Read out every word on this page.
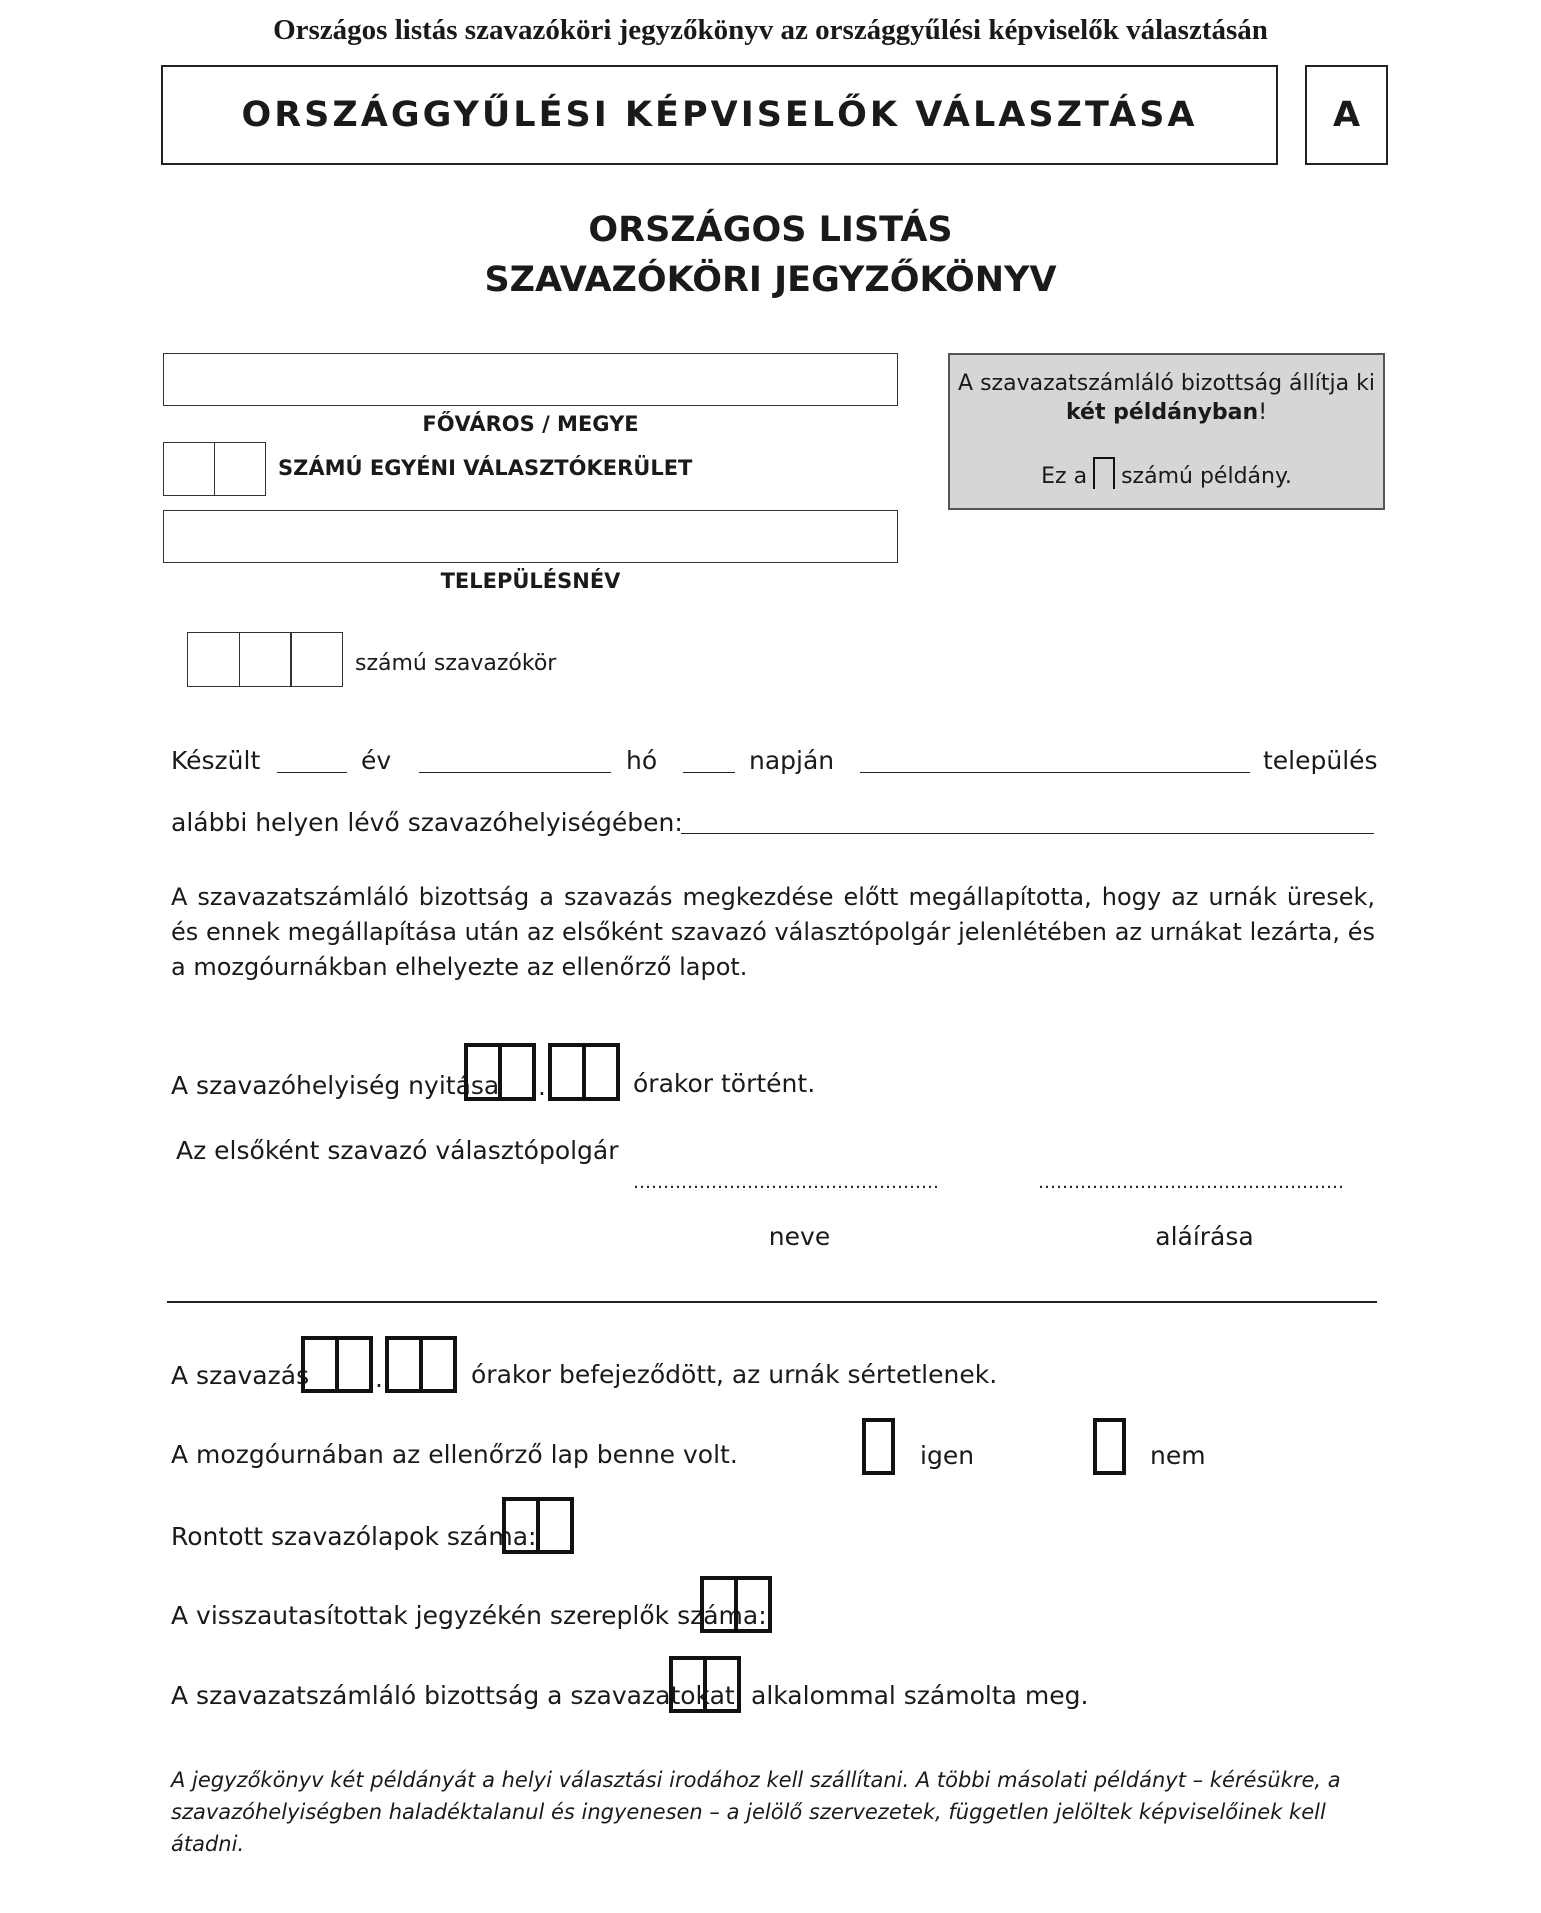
Országos listás szavazóköri jegyzőkönyv az országgyűlési képviselők választásán
ORSZÁGGYŰLÉSI KÉPVISELŐK VÁLASZTÁSA	A
ORSZÁGOS LISTÁS
SZAVAZÓKÖRI JEGYZŐKÖNYV
FŐVÁROS / MEGYE
SZÁMÚ EGYÉNI VÁLASZTÓKERÜLET
TELEPÜLÉSNÉV
számú szavazókör
A szavazatszámláló bizottság állítja ki
két példányban!
Ez a számú példány.
Készült	év	hó	napján	település
alábbi helyen lévő szavazóhelyiségében:
A szavazatszámláló bizottság a szavazás megkezdése előtt megállapította, hogy az urnák üresek, és ennek megállapítása után az elsőként szavazó választópolgár jelenlétében az urnákat lezárta, és a mozgóurnákban elhelyezte az ellenőrző lapot.
A szavazóhelyiség nyitása .	órakor történt.
Az elsőként szavazó választópolgár
……………………………………………	……………………………………………
neve	aláírása
A szavazás	.	órakor befejeződött, az urnák sértetlenek.
A mozgóurnában az ellenőrző lap benne volt.	igen	nem
Rontott szavazólapok száma:
A visszautasítottak jegyzékén szereplők száma:
A szavazatszámláló bizottság a szavazatokat alkalommal számolta meg.
A jegyzőkönyv két példányát a helyi választási irodához kell szállítani. A többi másolati példányt – kérésükre, a szavazóhelyiségben haladéktalanul és ingyenesen – a jelölő szervezetek, független jelöltek képviselőinek kell átadni.
